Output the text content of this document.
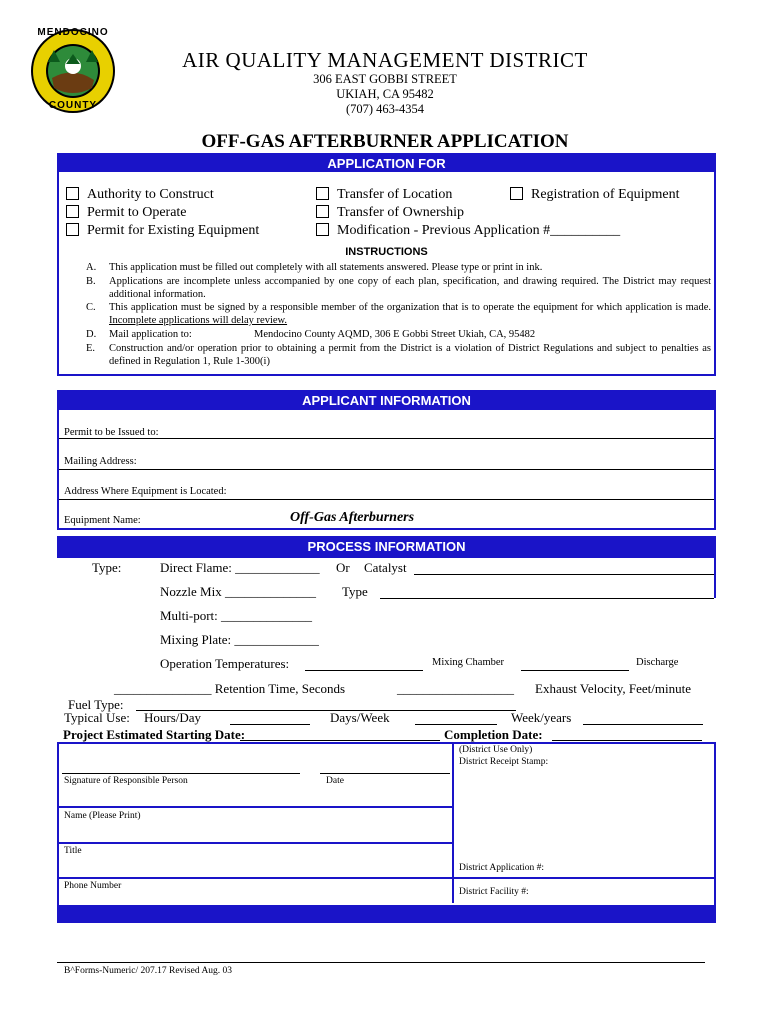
MENDOCINO
COUNTY
AIR QUALITY MANAGEMENT DISTRICT
306 EAST GOBBI STREET
UKIAH, CA 95482
(707) 463-4354
OFF-GAS AFTERBURNER APPLICATION
APPLICATION FOR
Authority to Construct
Permit to Operate
Permit for Existing Equipment
Transfer of Location
Transfer of Ownership
Modification - Previous Application #__________
Registration of Equipment
INSTRUCTIONS
A. This application must be filled out completely with all statements answered. Please type or print in ink.
B. Applications are incomplete unless accompanied by one copy of each plan, specification, and drawing required. The District may request additional information.
C. This application must be signed by a responsible member of the organization that is to operate the equipment for which application is made. Incomplete applications will delay review.
D. Mail application to:	Mendocino County AQMD, 306 E Gobbi Street Ukiah, CA, 95482
E. Construction and/or operation prior to obtaining a permit from the District is a violation of District Regulations and subject to penalties as defined in Regulation 1, Rule 1-300(i)
APPLICANT INFORMATION
Permit to be Issued to:
Mailing Address:
Address Where Equipment is Located:
Equipment Name:	Off-Gas Afterburners
PROCESS INFORMATION
Type:	Direct Flame: _____________ Or Catalyst
Nozzle Mix ______________ Type
Multi-port: ______________
Mixing Plate: _____________
Operation Temperatures:	Mixing Chamber	Discharge
_______________ Retention Time, Seconds	__________________ Exhaust Velocity, Feet/minute
Fuel Type:
Typical Use: Hours/Day	Days/Week	Week/years
Project Estimated Starting Date:	Completion Date:
Signature of Responsible Person	Date
Name (Please Print)
Title
Phone Number
(District Use Only)
District Receipt Stamp:
District Application #:
District Facility #:
B^Forms-Numeric/ 207.17 Revised Aug. 03
